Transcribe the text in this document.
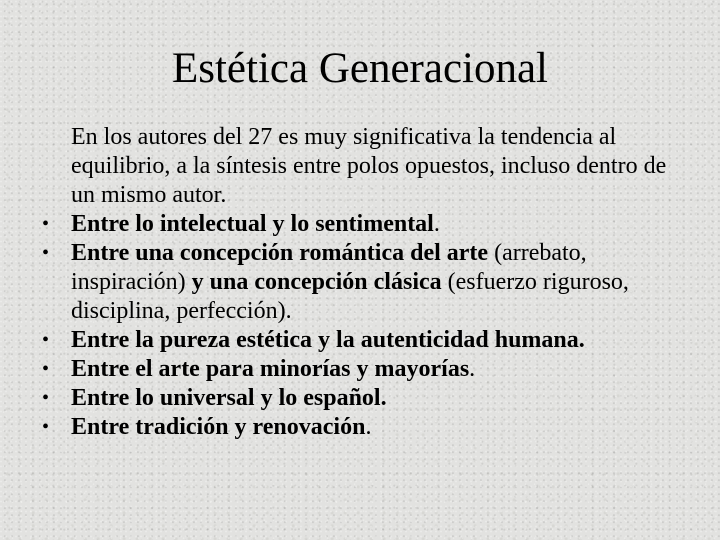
Estética Generacional
En los autores del 27 es muy significativa la tendencia al equilibrio, a la síntesis entre polos opuestos, incluso dentro de un mismo autor.
• Entre lo intelectual y lo sentimental.
• Entre una concepción romántica del arte (arrebato, inspiración) y una concepción clásica (esfuerzo riguroso, disciplina, perfección).
• Entre la pureza estética y la autenticidad humana.
• Entre el arte para minorías y mayorías.
• Entre lo universal y lo español.
• Entre tradición y renovación.
